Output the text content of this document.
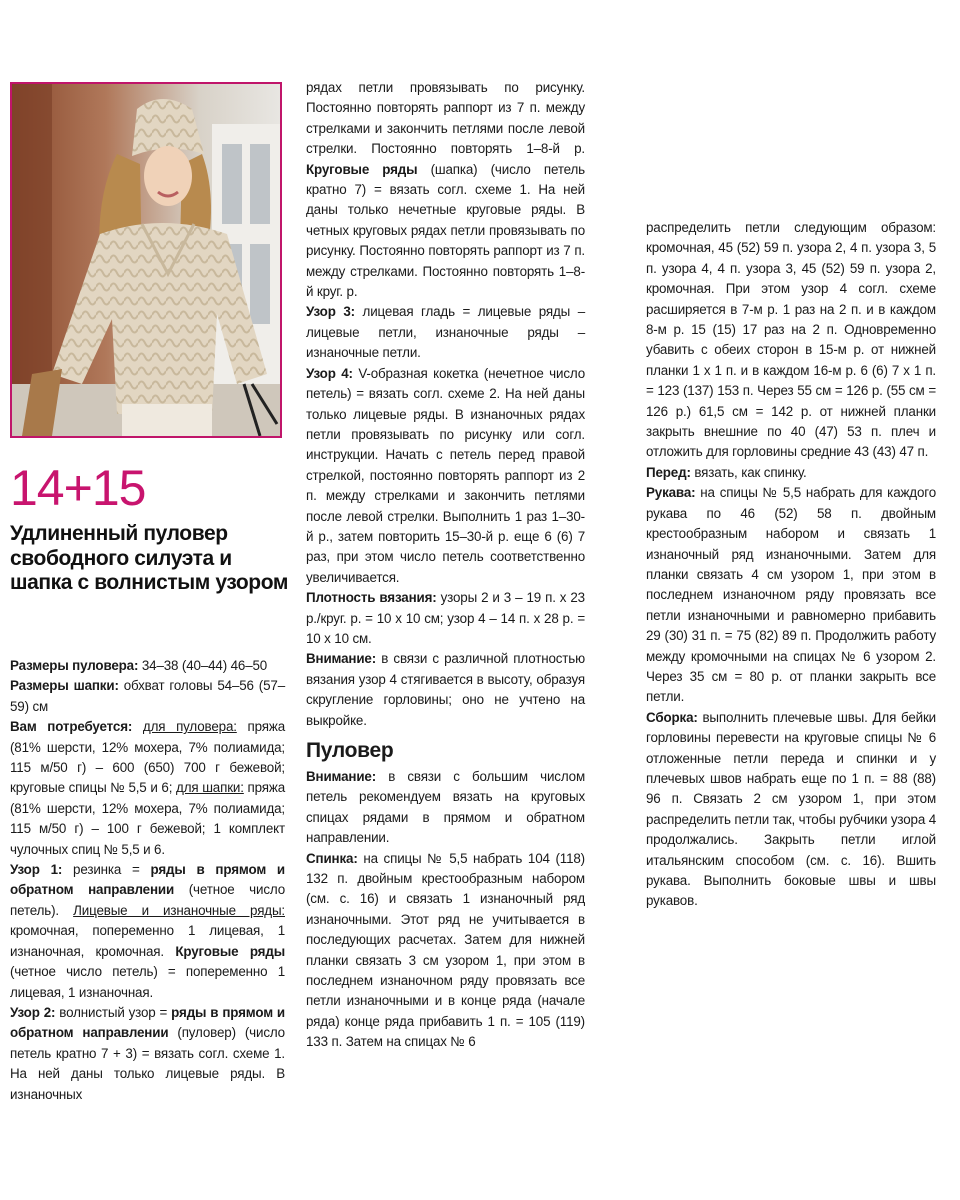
14+15
Удлиненный пуловер свободного силуэта и шапка с волнистым узором

Размеры пуловера: 34–38 (40–44) 46–50

Размеры шапки: обхват головы 54–56 (57–59) см

Вам потребуется: для пуловера: пряжа (81% шерсти, 12% мохера, 7% полиамида; 115 м/50 г) – 600 (650) 700 г бежевой; круговые спицы № 5,5 и 6; для шапки: пряжа (81% шерсти, 12% мохера, 7% полиамида; 115 м/50 г) – 100 г бежевой; 1 комплект чулочных спиц № 5,5 и 6.

Узор 1: резинка = ряды в прямом и обратном направлении (четное число петель). Лицевые и изнаночные ряды: кромочная, попеременно 1 лицевая, 1 изнаночная, кромочная. Круговые ряды (четное число петель) = попеременно 1 лицевая, 1 изнаночная.

Узор 2: волнистый узор = ряды в прямом и обратном направлении (пуловер) (число петель кратно 7 + 3) = вязать согл. схеме 1. На ней даны только лицевые ряды. В изнаночных

рядах петли провязывать по рисунку. Постоянно повторять раппорт из 7 п. между стрелками и закончить петлями после левой стрелки. Постоянно повторять 1–8-й р. Круговые ряды (шапка) (число петель кратно 7) = вязать согл. схеме 1. На ней даны только нечетные круговые ряды. В четных круговых рядах петли провязывать по рисунку. Постоянно повторять раппорт из 7 п. между стрелками. Постоянно повторять 1–8-й круг. р.

Узор 3: лицевая гладь = лицевые ряды – лицевые петли, изнаночные ряды – изнаночные петли.

Узор 4: V-образная кокетка (нечетное число петель) = вязать согл. схеме 2. На ней даны только лицевые ряды. В изнаночных рядах петли провязывать по рисунку или согл. инструкции. Начать с петель перед правой стрелкой, постоянно повторять раппорт из 2 п. между стрелками и закончить петлями после левой стрелки. Выполнить 1 раз 1–30-й р., затем повторить 15–30-й р. еще 6 (6) 7 раз, при этом число петель соответственно увеличивается.

Плотность вязания: узоры 2 и 3 – 19 п. x 23 р./круг. р. = 10 x 10 см; узор 4 – 14 п. x 28 р. = 10 x 10 см.

Внимание: в связи с различной плотностью вязания узор 4 стягивается в высоту, образуя скругление горловины; оно не учтено на выкройке.

Пуловер

Внимание: в связи с большим числом петель рекомендуем вязать на круговых спицах рядами в прямом и обратном направлении.

Спинка: на спицы № 5,5 набрать 104 (118) 132 п. двойным крестообразным набором (см. с. 16) и связать 1 изнаночный ряд изнаночными. Этот ряд не учитывается в последующих расчетах. Затем для нижней планки связать 3 см узором 1, при этом в последнем изнаночном ряду провязать все петли изнаночными и в конце ряда (начале ряда) конце ряда прибавить 1 п. = 105 (119) 133 п. Затем на спицах № 6

распределить петли следующим образом: кромочная, 45 (52) 59 п. узора 2, 4 п. узора 3, 5 п. узора 4, 4 п. узора 3, 45 (52) 59 п. узора 2, кромочная. При этом узор 4 согл. схеме расширяется в 7-м р. 1 раз на 2 п. и в каждом 8-м р. 15 (15) 17 раз на 2 п. Одновременно убавить с обеих сторон в 15-м р. от нижней планки 1 x 1 п. и в каждом 16-м р. 6 (6) 7 x 1 п. = 123 (137) 153 п. Через 55 см = 126 р. (55 см = 126 р.) 61,5 см = 142 р. от нижней планки закрыть внешние по 40 (47) 53 п. плеч и отложить для горловины средние 43 (43) 47 п.

Перед: вязать, как спинку.

Рукава: на спицы № 5,5 набрать для каждого рукава по 46 (52) 58 п. двойным крестообразным набором и связать 1 изнаночный ряд изнаночными. Затем для планки связать 4 см узором 1, при этом в последнем изнаночном ряду провязать все петли изнаночными и равномерно прибавить 29 (30) 31 п. = 75 (82) 89 п. Продолжить работу между кромочными на спицах № 6 узором 2. Через 35 см = 80 р. от планки закрыть все петли.

Сборка: выполнить плечевые швы. Для бейки горловины перевести на круговые спицы № 6 отложенные петли переда и спинки и у плечевых швов набрать еще по 1 п. = 88 (88) 96 п. Связать 2 см узором 1, при этом распределить петли так, чтобы рубчики узора 4 продолжались. Закрыть петли иглой итальянским способом (см. с. 16). Вшить рукава. Выполнить боковые швы и швы рукавов.
